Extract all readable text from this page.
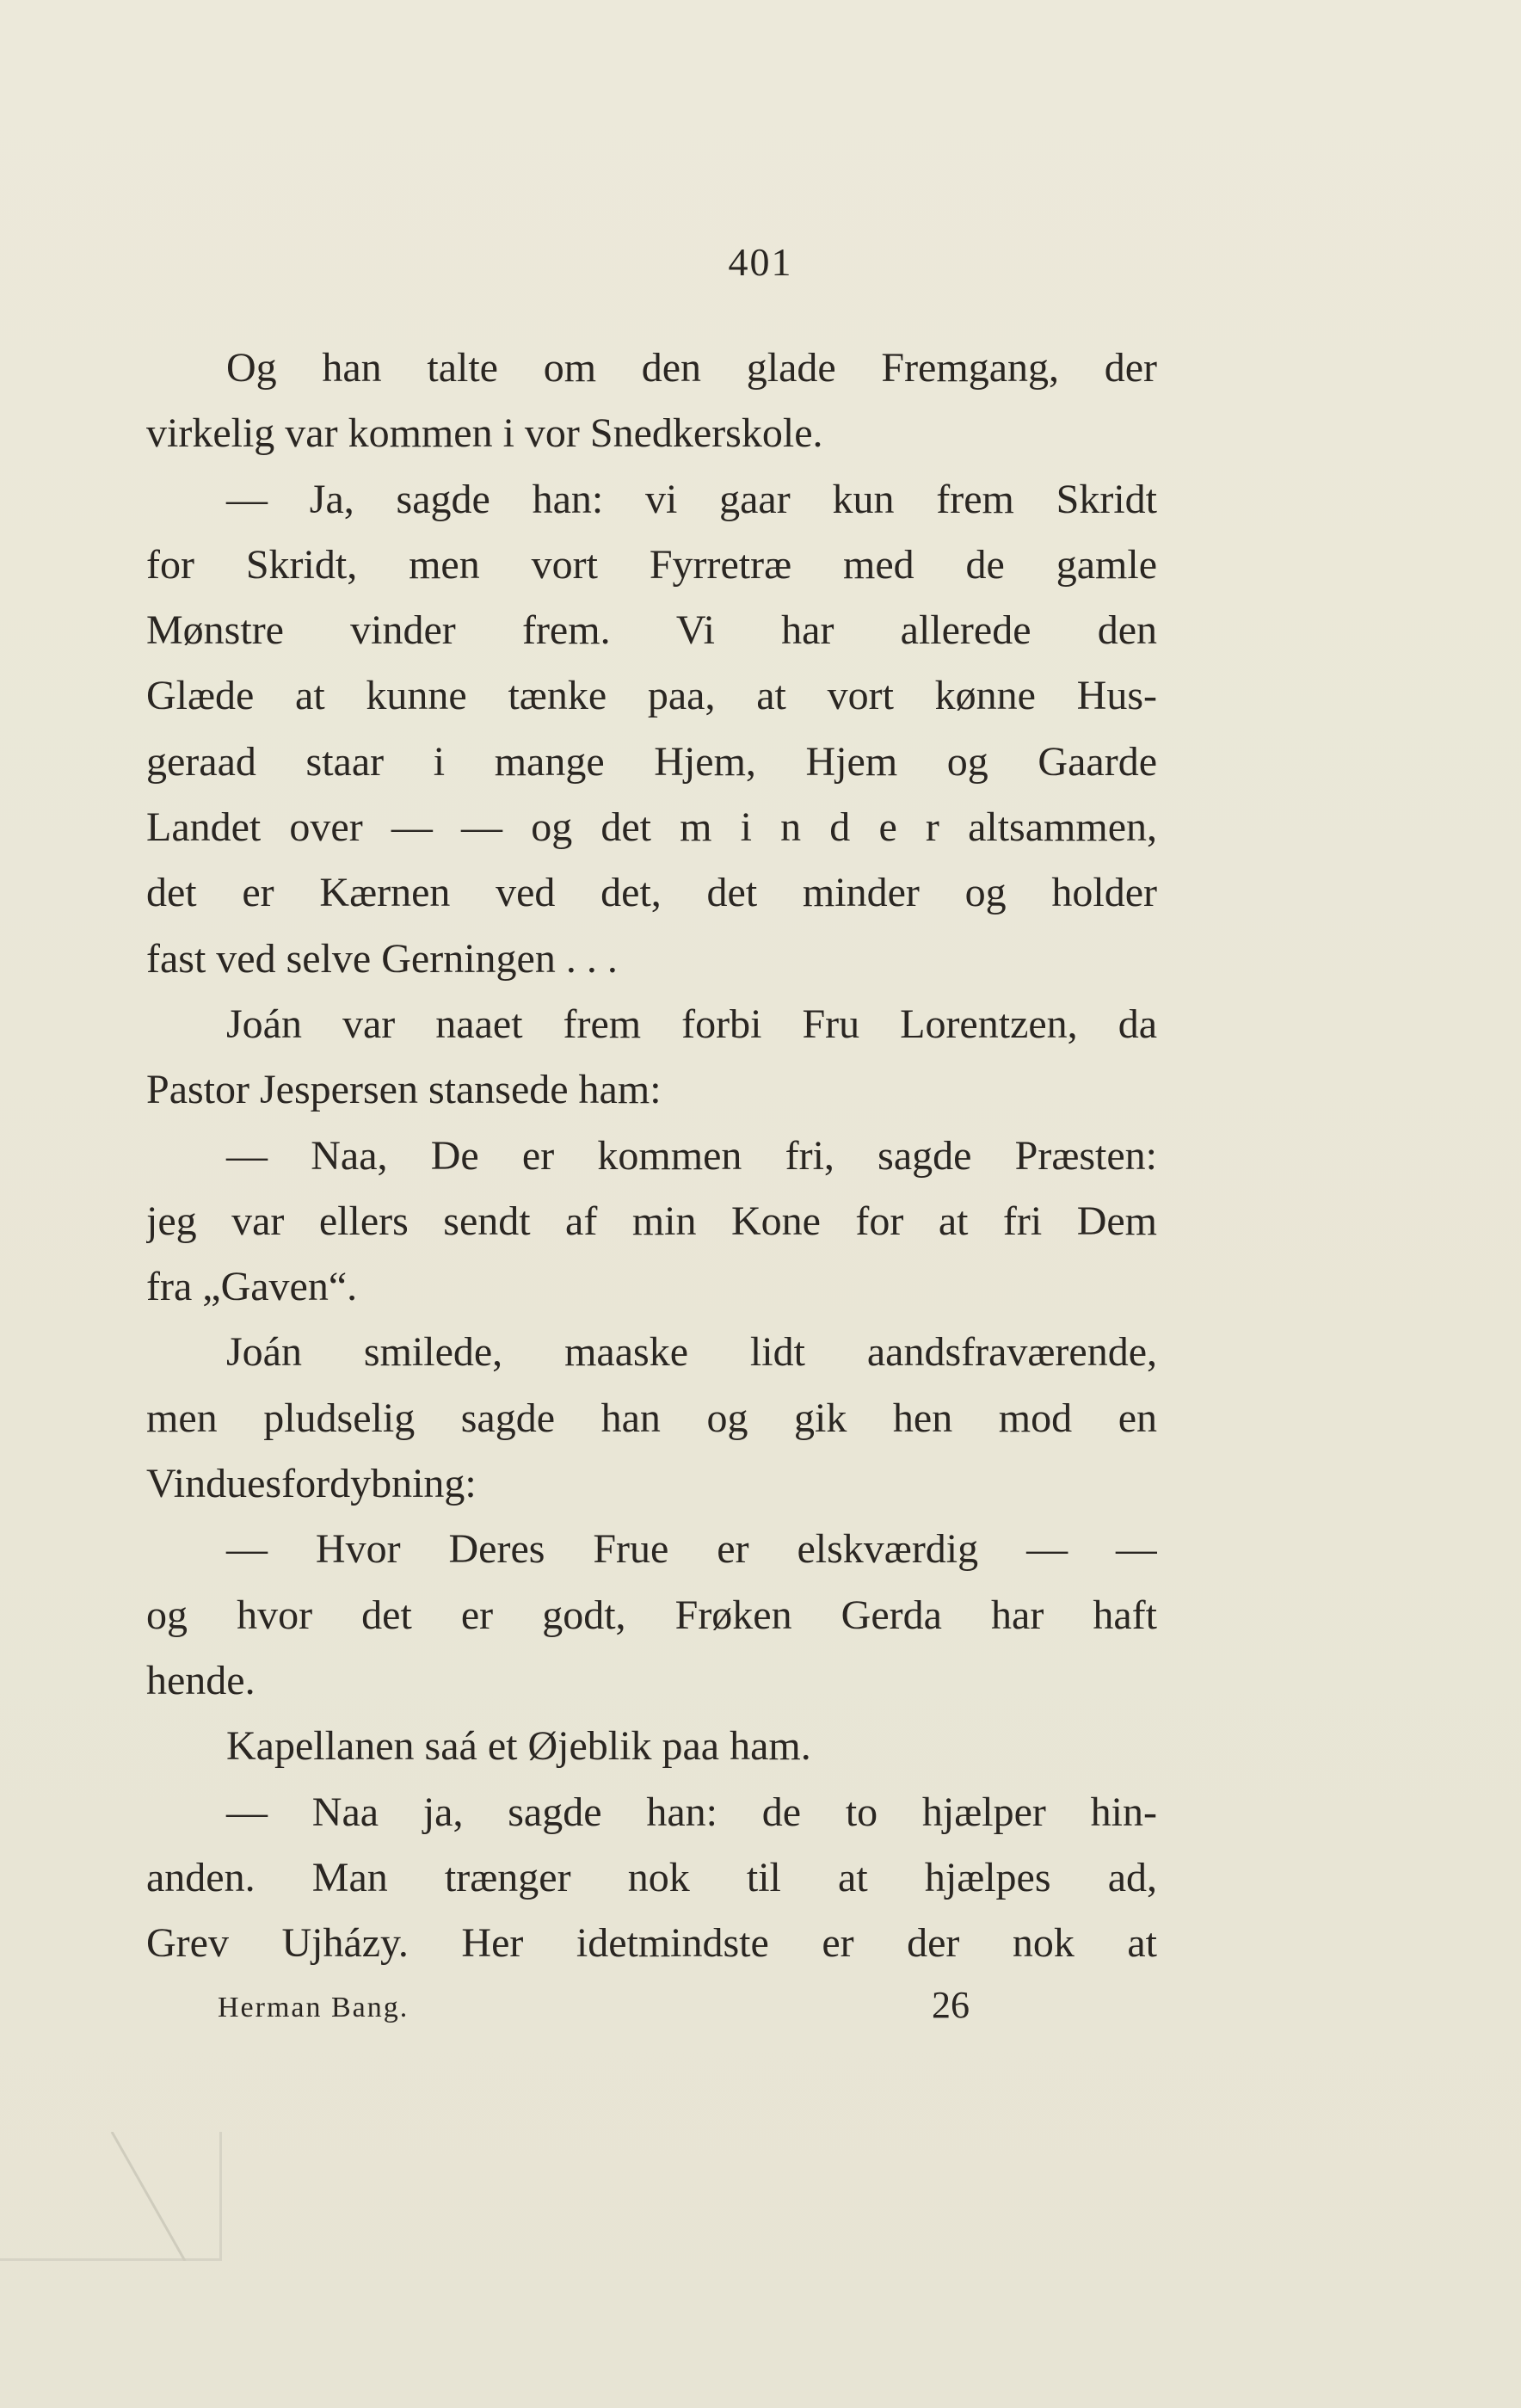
401
Og han talte om den glade Fremgang, der
virkelig var kommen i vor Snedkerskole.
— Ja, sagde han: vi gaar kun frem Skridt
for Skridt, men vort Fyrretræ med de gamle
Mønstre vinder frem. Vi har allerede den
Glæde at kunne tænke paa, at vort kønne Hus-
geraad staar i mange Hjem, Hjem og Gaarde
Landet over — — og det m i n d e r altsammen,
det er Kærnen ved det, det minder og holder
fast ved selve Gerningen . . .
Joán var naaet frem forbi Fru Lorentzen, da
Pastor Jespersen stansede ham:
— Naa, De er kommen fri, sagde Præsten:
jeg var ellers sendt af min Kone for at fri Dem
fra „Gaven“.
Joán smilede, maaske lidt aandsfraværende,
men pludselig sagde han og gik hen mod en
Vinduesfordybning:
— Hvor Deres Frue er elskværdig — —
og hvor det er godt, Frøken Gerda har haft
hende.
Kapellanen saá et Øjeblik paa ham.
— Naa ja, sagde han: de to hjælper hin-
anden. Man trænger nok til at hjælpes ad,
Grev Ujházy. Her idetmindste er der nok at
Herman Bang.	26
